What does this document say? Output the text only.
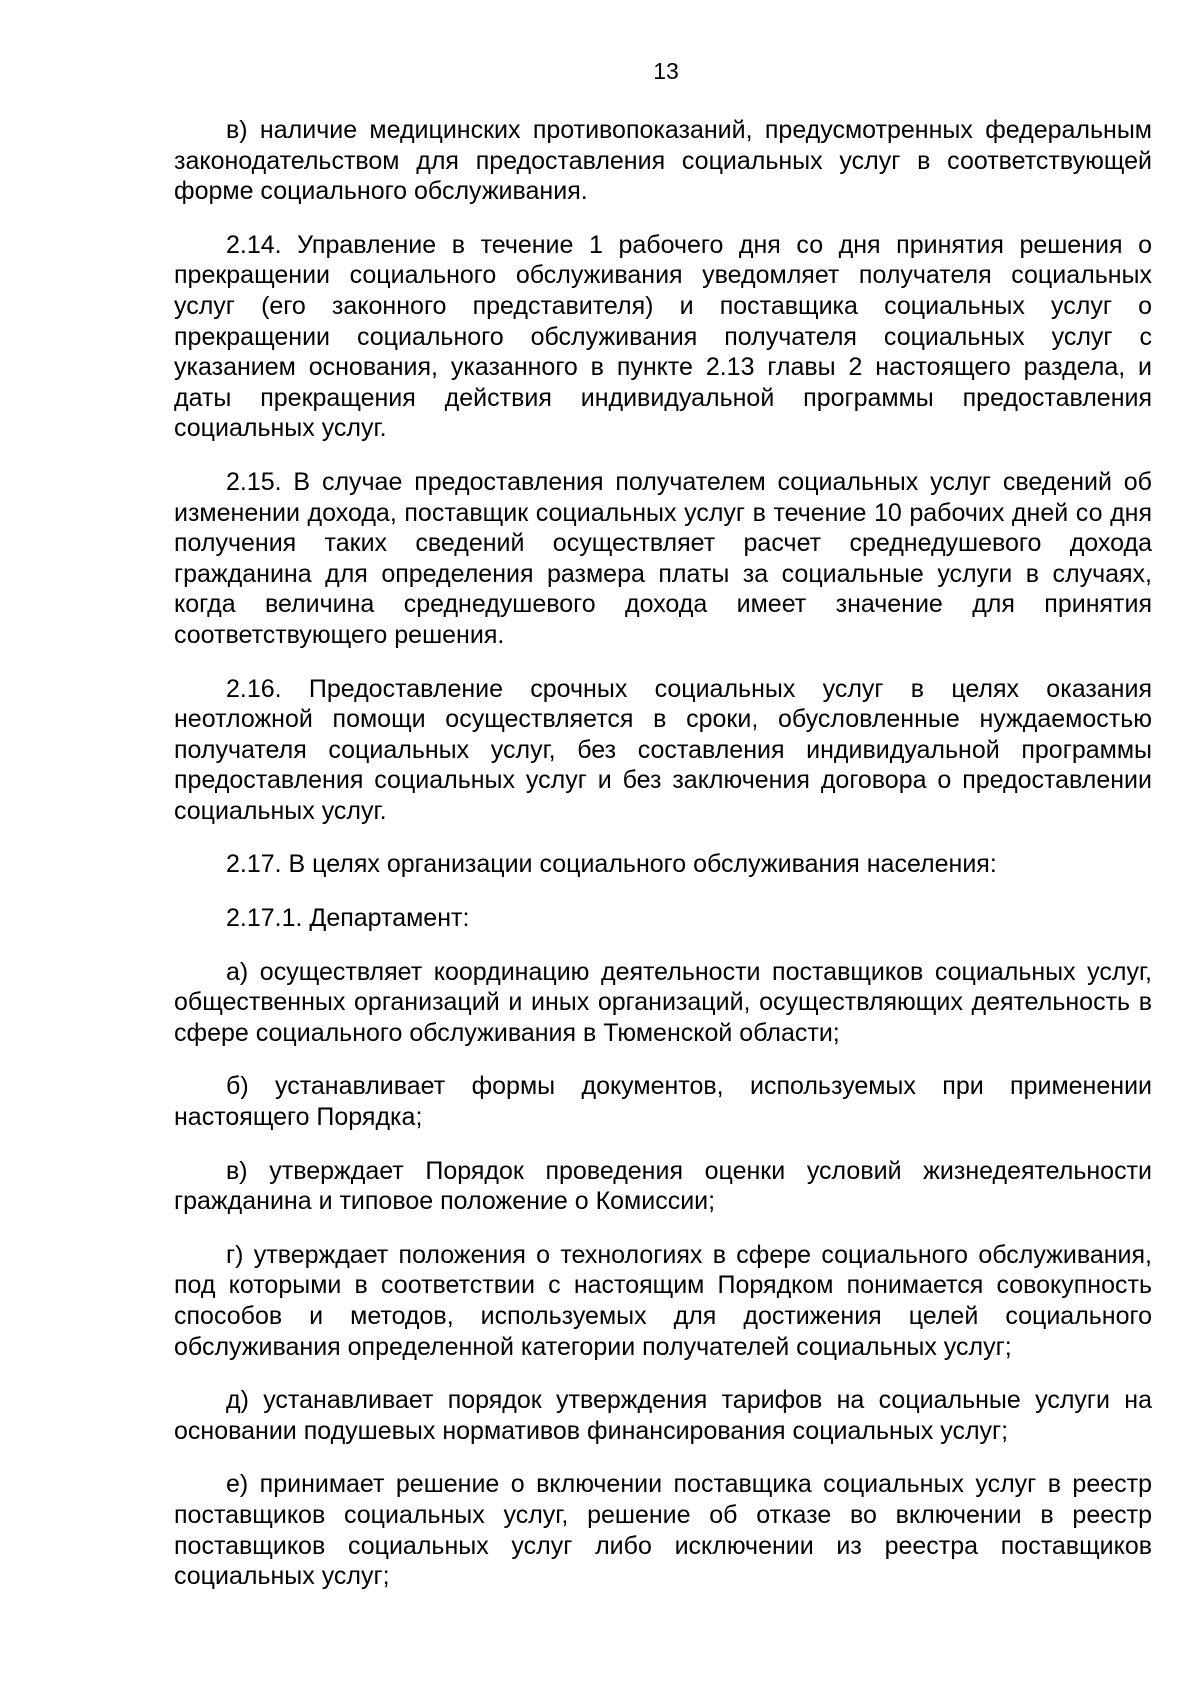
13

в) наличие медицинских противопоказаний, предусмотренных федеральным законодательством для предоставления социальных услуг в соответствующей форме социального обслуживания.

2.14. Управление в течение 1 рабочего дня со дня принятия решения о прекращении социального обслуживания уведомляет получателя социальных услуг (его законного представителя) и поставщика социальных услуг о прекращении социального обслуживания получателя социальных услуг с указанием основания, указанного в пункте 2.13 главы 2 настоящего раздела, и даты прекращения действия индивидуальной программы предоставления социальных услуг.

2.15. В случае предоставления получателем социальных услуг сведений об изменении дохода, поставщик социальных услуг в течение 10 рабочих дней со дня получения таких сведений осуществляет расчет среднедушевого дохода гражданина для определения размера платы за социальные услуги в случаях, когда величина среднедушевого дохода имеет значение для принятия соответствующего решения.

2.16. Предоставление срочных социальных услуг в целях оказания неотложной помощи осуществляется в сроки, обусловленные нуждаемостью получателя социальных услуг, без составления индивидуальной программы предоставления социальных услуг и без заключения договора о предоставлении социальных услуг.

2.17. В целях организации социального обслуживания населения:

2.17.1. Департамент:

а) осуществляет координацию деятельности поставщиков социальных услуг, общественных организаций и иных организаций, осуществляющих деятельность в сфере социального обслуживания в Тюменской области;

б) устанавливает формы документов, используемых при применении настоящего Порядка;

в) утверждает Порядок проведения оценки условий жизнедеятельности гражданина и типовое положение о Комиссии;

г) утверждает положения о технологиях в сфере социального обслуживания, под которыми в соответствии с настоящим Порядком понимается совокупность способов и методов, используемых для достижения целей социального обслуживания определенной категории получателей социальных услуг;

д) устанавливает порядок утверждения тарифов на социальные услуги на основании подушевых нормативов финансирования социальных услуг;

е) принимает решение о включении поставщика социальных услуг в реестр поставщиков социальных услуг, решение об отказе во включении в реестр поставщиков социальных услуг либо исключении из реестра поставщиков социальных услуг;
